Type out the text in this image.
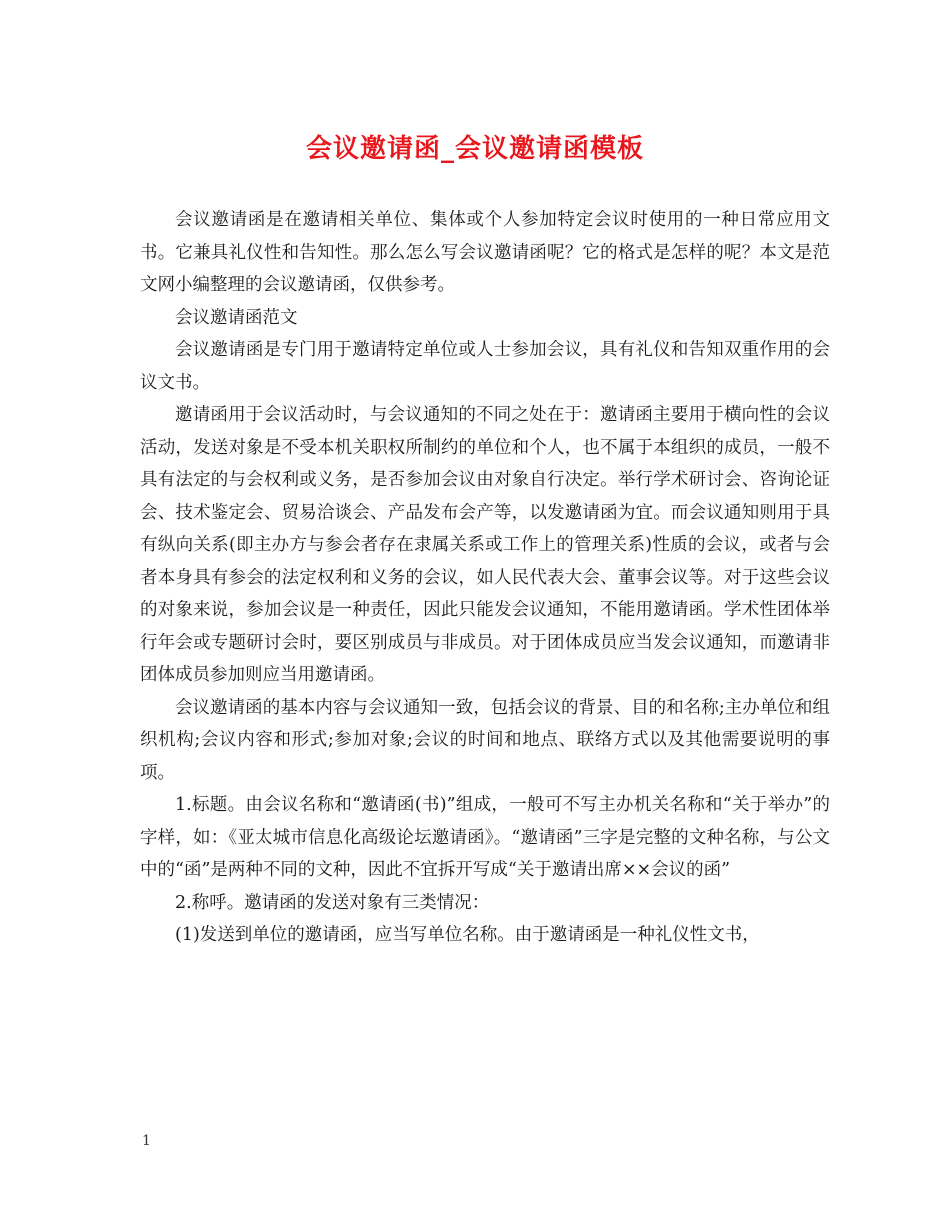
会议邀请函_会议邀请函模板

会议邀请函是在邀请相关单位、集体或个人参加特定会议时使用的一种日常应用文书。它兼具礼仪性和告知性。那么怎么写会议邀请函呢？它的格式是怎样的呢？本文是范文网小编整理的会议邀请函，仅供参考。

会议邀请函范文

会议邀请函是专门用于邀请特定单位或人士参加会议，具有礼仪和告知双重作用的会议文书。

邀请函用于会议活动时，与会议通知的不同之处在于：邀请函主要用于横向性的会议活动，发送对象是不受本机关职权所制约的单位和个人，也不属于本组织的成员，一般不具有法定的与会权利或义务，是否参加会议由对象自行决定。举行学术研讨会、咨询论证会、技术鉴定会、贸易洽谈会、产品发布会产等，以发邀请函为宜。而会议通知则用于具有纵向关系(即主办方与参会者存在隶属关系或工作上的管理关系)性质的会议，或者与会者本身具有参会的法定权利和义务的会议，如人民代表大会、董事会议等。对于这些会议的对象来说，参加会议是一种责任，因此只能发会议通知，不能用邀请函。学术性团体举行年会或专题研讨会时，要区别成员与非成员。对于团体成员应当发会议通知，而邀请非团体成员参加则应当用邀请函。

会议邀请函的基本内容与会议通知一致，包括会议的背景、目的和名称;主办单位和组织机构;会议内容和形式;参加对象;会议的时间和地点、联络方式以及其他需要说明的事项。

1.标题。由会议名称和“邀请函(书)”组成，一般可不写主办机关名称和“关于举办”的字样，如：《亚太城市信息化高级论坛邀请函》。“邀请函”三字是完整的文种名称，与公文中的“函”是两种不同的文种，因此不宜拆开写成“关于邀请出席××会议的函”

2.称呼。邀请函的发送对象有三类情况：

(1)发送到单位的邀请函，应当写单位名称。由于邀请函是一种礼仪性文书，

1
